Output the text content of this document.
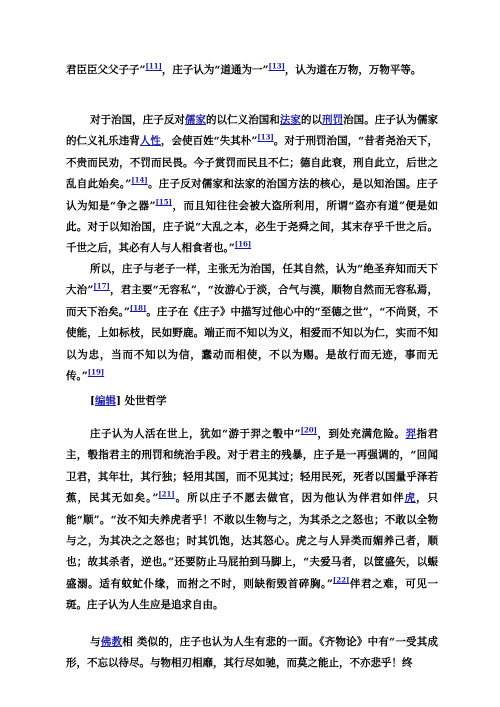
君臣臣父父子子”[11]，庄子认为“道通为一”[13]，认为道在万物，万物平等。
对于治国，庄子反对儒家的以仁义治国和法家的以刑罚治国。庄子认为儒家的仁义礼乐违背人性，会使百姓“失其朴”[13]。对于刑罚治国，“昔者尧治天下，不贵而民劝，不罚而民畏。今子赏罚而民且不仁；德自此衰，刑自此立，后世之乱自此始矣。”[14]。庄子反对儒家和法家的治国方法的核心，是以知治国。庄子认为知是“争之器”[15]，而且知往往会被大盗所利用，所谓“盗亦有道”便是如此。对于以知治国，庄子说“大乱之本，必生于尧舜之间，其末存乎千世之后。千世之后，其必有人与人相食者也。”[16]
所以，庄子与老子一样，主张无为治国，任其自然，认为“绝圣弃知而天下大治”[17]，君主要“无容私”，“汝游心于淡，合气与漠，顺物自然而无容私焉，而天下治矣。”[18]。庄子在《庄子》中描写过他心中的“至德之世”，“不尚贤，不使能，上如标枝，民如野鹿。端正而不知以为义，相爱而不知以为仁，实而不知以为忠，当而不知以为信，蠢动而相使，不以为赐。是故行而无迹，事而无传。”[19]
[编辑] 处世哲学
庄子认为人活在世上，犹如“游于羿之彀中”[20]，到处充满危险。羿指君主，彀指君主的刑罚和统治手段。对于君主的残暴，庄子是一再强调的，“回闻卫君，其年壮，其行独；轻用其国，而不见其过；轻用民死，死者以国量乎泽若蕉，民其无如矣。”[21]。所以庄子不愿去做官，因为他认为伴君如伴虎，只能“顺”。“汝不知夫养虎者乎！不敢以生物与之，为其杀之之怒也；不敢以全物与之，为其决之之怒也；时其饥饱，达其怒心。虎之与人异类而媚养己者，顺也；故其杀者，逆也。”还要防止马屁拍到马脚上，“夫爱马者，以筐盛矢，以蜄盛溺。适有蚊虻仆缘，而拊之不时，则缺衔毁首碎胸。”[22]伴君之难，可见一斑。庄子认为人生应是追求自由。
与佛教相 类似的，庄子也认为人生有悲的一面。《齐物论》中有“一受其成形，不忘以待尽。与物相刃相靡，其行尽如驰，而莫之能止，不亦悲乎！终
